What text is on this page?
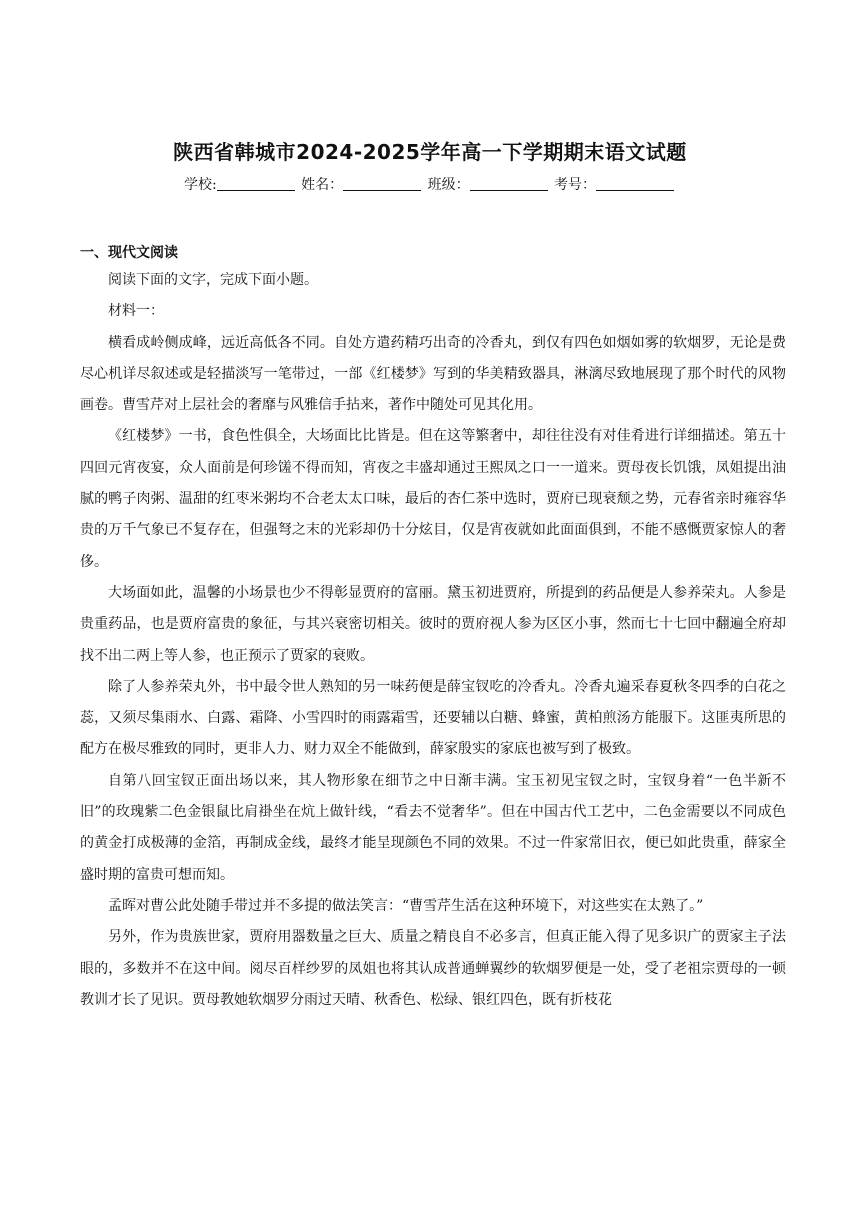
陕西省韩城市2024-2025学年高一下学期期末语文试题
学校:	姓名：	班级：	考号：
一、现代文阅读

阅读下面的文字，完成下面小题。

材料一：

横看成岭侧成峰，远近高低各不同。自处方遣药精巧出奇的冷香丸，到仅有四色如烟如雾的软烟罗，无论是费尽心机详尽叙述或是轻描淡写一笔带过，一部《红楼梦》写到的华美精致器具，淋漓尽致地展现了那个时代的风物画卷。曹雪芹对上层社会的奢靡与风雅信手拈来，著作中随处可见其化用。

《红楼梦》一书，食色性俱全，大场面比比皆是。但在这等繁奢中，却往往没有对佳肴进行详细描述。第五十四回元宵夜宴，众人面前是何珍馐不得而知，宵夜之丰盛却通过王熙凤之口一一道来。贾母夜长饥饿，凤姐提出油腻的鸭子肉粥、温甜的红枣米粥均不合老太太口味，最后的杏仁茶中选时，贾府已现衰颓之势，元春省亲时雍容华贵的万千气象已不复存在，但强弩之末的光彩却仍十分炫目，仅是宵夜就如此面面俱到，不能不感慨贾家惊人的奢侈。

大场面如此，温馨的小场景也少不得彰显贾府的富丽。黛玉初进贾府，所提到的药品便是人参养荣丸。人参是贵重药品，也是贾府富贵的象征，与其兴衰密切相关。彼时的贾府视人参为区区小事，然而七十七回中翻遍全府却找不出二两上等人参，也正预示了贾家的衰败。

除了人参养荣丸外，书中最令世人熟知的另一味药便是薛宝钗吃的冷香丸。冷香丸遍采春夏秋冬四季的白花之蕊，又须尽集雨水、白露、霜降、小雪四时的雨露霜雪，还要辅以白糖、蜂蜜，黄柏煎汤方能服下。这匪夷所思的配方在极尽雅致的同时，更非人力、财力双全不能做到，薛家殷实的家底也被写到了极致。

自第八回宝钗正面出场以来，其人物形象在细节之中日渐丰满。宝玉初见宝钗之时，宝钗身着“一色半新不旧”的玫瑰紫二色金银鼠比肩褂坐在炕上做针线，“看去不觉奢华”。但在中国古代工艺中，二色金需要以不同成色的黄金打成极薄的金箔，再制成金线，最终才能呈现颜色不同的效果。不过一件家常旧衣，便已如此贵重，薛家全盛时期的富贵可想而知。

孟晖对曹公此处随手带过并不多提的做法笑言：“曹雪芹生活在这种环境下，对这些实在太熟了。”

另外，作为贵族世家，贾府用器数量之巨大、质量之精良自不必多言，但真正能入得了见多识广的贾家主子法眼的，多数并不在这中间。阅尽百样纱罗的凤姐也将其认成普通蝉翼纱的软烟罗便是一处，受了老祖宗贾母的一顿教训才长了见识。贾母教她软烟罗分雨过天晴、秋香色、松绿、银红四色，既有折枝花
